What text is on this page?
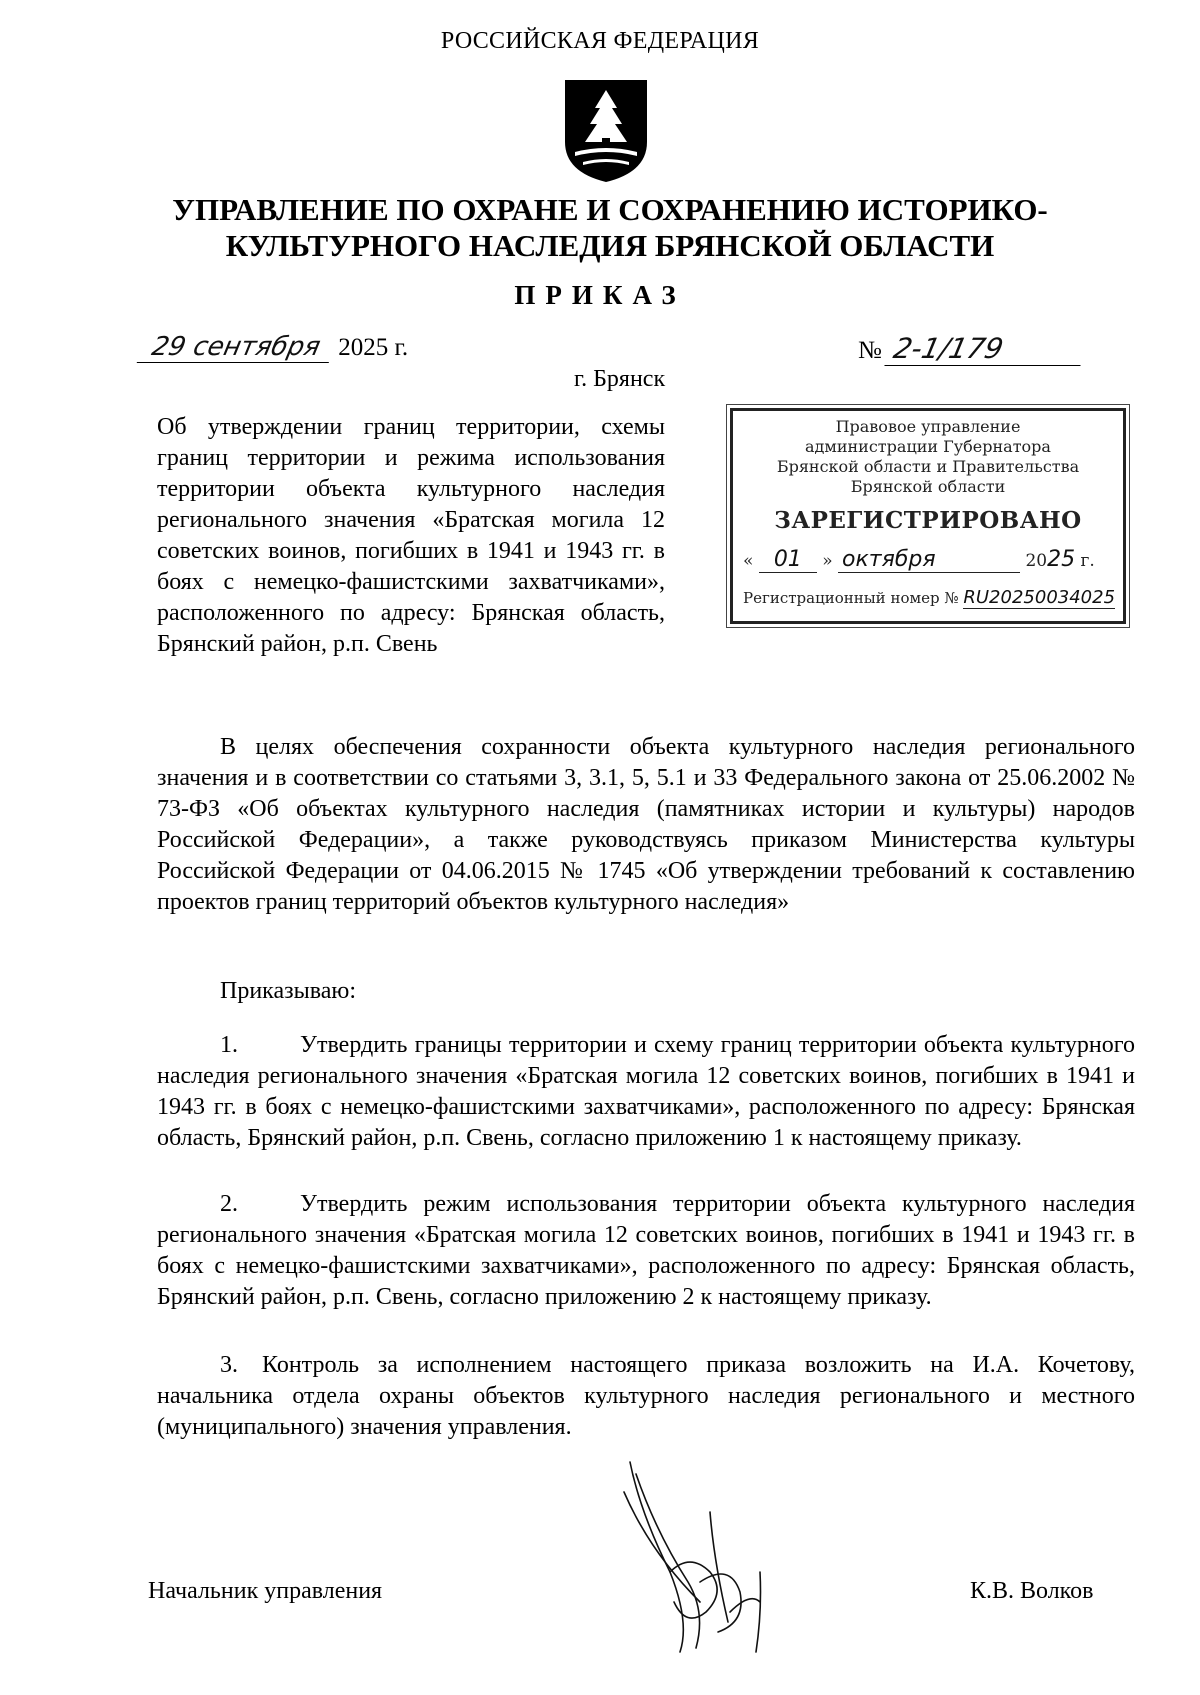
РОССИЙСКАЯ ФЕДЕРАЦИЯ
УПРАВЛЕНИЕ ПО ОХРАНЕ И СОХРАНЕНИЮ ИСТОРИКО-
КУЛЬТУРНОГО НАСЛЕДИЯ БРЯНСКОЙ ОБЛАСТИ
ПРИКАЗ
29 сентября 2025 г.	№ 2-1/179
г. Брянск
Об утверждении границ территории, схемы границ территории и режима использования территории объекта культурного наследия регионального значения «Братская могила 12 советских воинов, погибших в 1941 и 1943 гг. в боях с немецко-фашистскими захватчиками», расположенного по адресу: Брянская область, Брянский район, р.п. Свень
Правовое управление
администрации Губернатора
Брянской области и Правительства
Брянской области
ЗАРЕГИСТРИРОВАНО
« 01 » октября	2025 г.
Регистрационный номер № RU20250034025
В целях обеспечения сохранности объекта культурного наследия регионального значения и в соответствии со статьями 3, 3.1, 5, 5.1 и 33 Федерального закона от 25.06.2002 № 73-ФЗ «Об объектах культурного наследия (памятниках истории и культуры) народов Российской Федерации», а также руководствуясь приказом Министерства культуры Российской Федерации от 04.06.2015 № 1745 «Об утверждении требований к составлению проектов границ территорий объектов культурного наследия»
Приказываю:
1.	Утвердить границы территории и схему границ территории объекта культурного наследия регионального значения «Братская могила 12 советских воинов, погибших в 1941 и 1943 гг. в боях с немецко-фашистскими захватчиками», расположенного по адресу: Брянская область, Брянский район, р.п. Свень, согласно приложению 1 к настоящему приказу.
2.	Утвердить режим использования территории объекта культурного наследия регионального значения «Братская могила 12 советских воинов, погибших в 1941 и 1943 гг. в боях с немецко-фашистскими захватчиками», расположенного по адресу: Брянская область, Брянский район, р.п. Свень, согласно приложению 2 к настоящему приказу.
3. Контроль за исполнением настоящего приказа возложить на И.А. Кочетову, начальника отдела охраны объектов культурного наследия регионального и местного (муниципального) значения управления.
Начальник управления	К.В. Волков
